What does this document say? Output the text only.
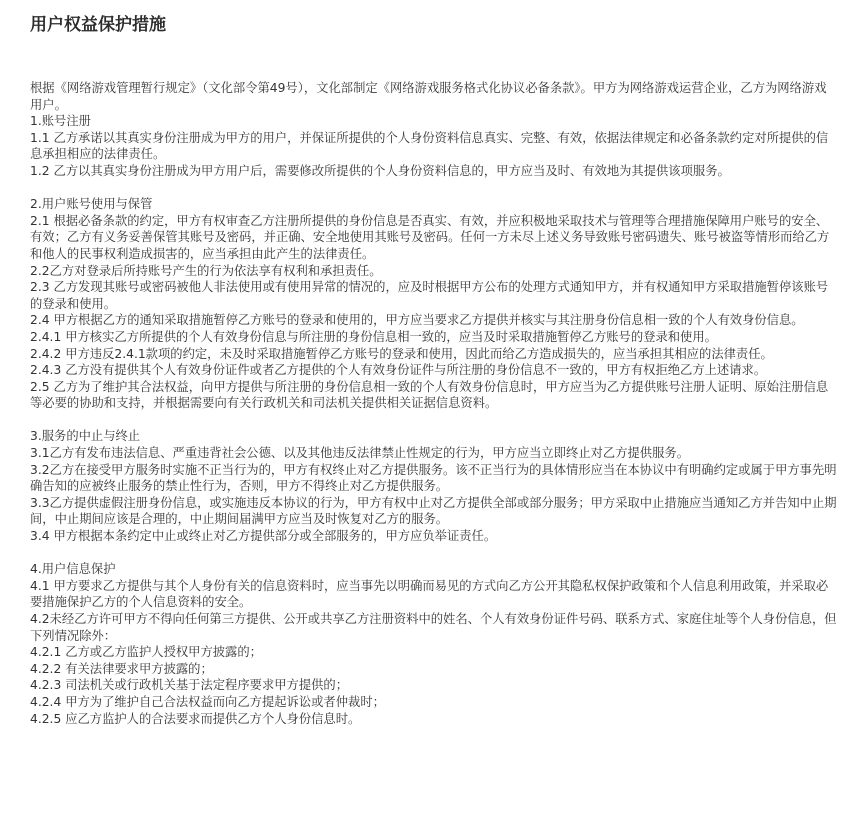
用户权益保护措施

根据《网络游戏管理暂行规定》（文化部令第49号），文化部制定《网络游戏服务格式化协议必备条款》。甲方为网络游戏运营企业，乙方为网络游戏用户。

1.账号注册

1.1 乙方承诺以其真实身份注册成为甲方的用户，并保证所提供的个人身份资料信息真实、完整、有效，依据法律规定和必备条款约定对所提供的信息承担相应的法律责任。

1.2 乙方以其真实身份注册成为甲方用户后，需要修改所提供的个人身份资料信息的，甲方应当及时、有效地为其提供该项服务。

2.用户账号使用与保管

2.1 根据必备条款的约定，甲方有权审查乙方注册所提供的身份信息是否真实、有效，并应积极地采取技术与管理等合理措施保障用户账号的安全、有效；乙方有义务妥善保管其账号及密码，并正确、安全地使用其账号及密码。任何一方未尽上述义务导致账号密码遗失、账号被盗等情形而给乙方和他人的民事权利造成损害的，应当承担由此产生的法律责任。

2.2乙方对登录后所持账号产生的行为依法享有权利和承担责任。

2.3 乙方发现其账号或密码被他人非法使用或有使用异常的情况的，应及时根据甲方公布的处理方式通知甲方，并有权通知甲方采取措施暂停该账号的登录和使用。

2.4 甲方根据乙方的通知采取措施暂停乙方账号的登录和使用的，甲方应当要求乙方提供并核实与其注册身份信息相一致的个人有效身份信息。

2.4.1 甲方核实乙方所提供的个人有效身份信息与所注册的身份信息相一致的，应当及时采取措施暂停乙方账号的登录和使用。

2.4.2 甲方违反2.4.1款项的约定，未及时采取措施暂停乙方账号的登录和使用，因此而给乙方造成损失的，应当承担其相应的法律责任。

2.4.3 乙方没有提供其个人有效身份证件或者乙方提供的个人有效身份证件与所注册的身份信息不一致的，甲方有权拒绝乙方上述请求。

2.5 乙方为了维护其合法权益，向甲方提供与所注册的身份信息相一致的个人有效身份信息时，甲方应当为乙方提供账号注册人证明、原始注册信息等必要的协助和支持，并根据需要向有关行政机关和司法机关提供相关证据信息资料。

3.服务的中止与终止

3.1乙方有发布违法信息、严重违背社会公德、以及其他违反法律禁止性规定的行为，甲方应当立即终止对乙方提供服务。

3.2乙方在接受甲方服务时实施不正当行为的，甲方有权终止对乙方提供服务。该不正当行为的具体情形应当在本协议中有明确约定或属于甲方事先明确告知的应被终止服务的禁止性行为，否则，甲方不得终止对乙方提供服务。

3.3乙方提供虚假注册身份信息，或实施违反本协议的行为，甲方有权中止对乙方提供全部或部分服务；甲方采取中止措施应当通知乙方并告知中止期间，中止期间应该是合理的，中止期间届满甲方应当及时恢复对乙方的服务。

3.4 甲方根据本条约定中止或终止对乙方提供部分或全部服务的，甲方应负举证责任。

4.用户信息保护

4.1 甲方要求乙方提供与其个人身份有关的信息资料时，应当事先以明确而易见的方式向乙方公开其隐私权保护政策和个人信息利用政策，并采取必要措施保护乙方的个人信息资料的安全。

4.2未经乙方许可甲方不得向任何第三方提供、公开或共享乙方注册资料中的姓名、个人有效身份证件号码、联系方式、家庭住址等个人身份信息，但下列情况除外：

4.2.1 乙方或乙方监护人授权甲方披露的；

4.2.2 有关法律要求甲方披露的；

4.2.3 司法机关或行政机关基于法定程序要求甲方提供的；

4.2.4 甲方为了维护自己合法权益而向乙方提起诉讼或者仲裁时；

4.2.5 应乙方监护人的合法要求而提供乙方个人身份信息时。
